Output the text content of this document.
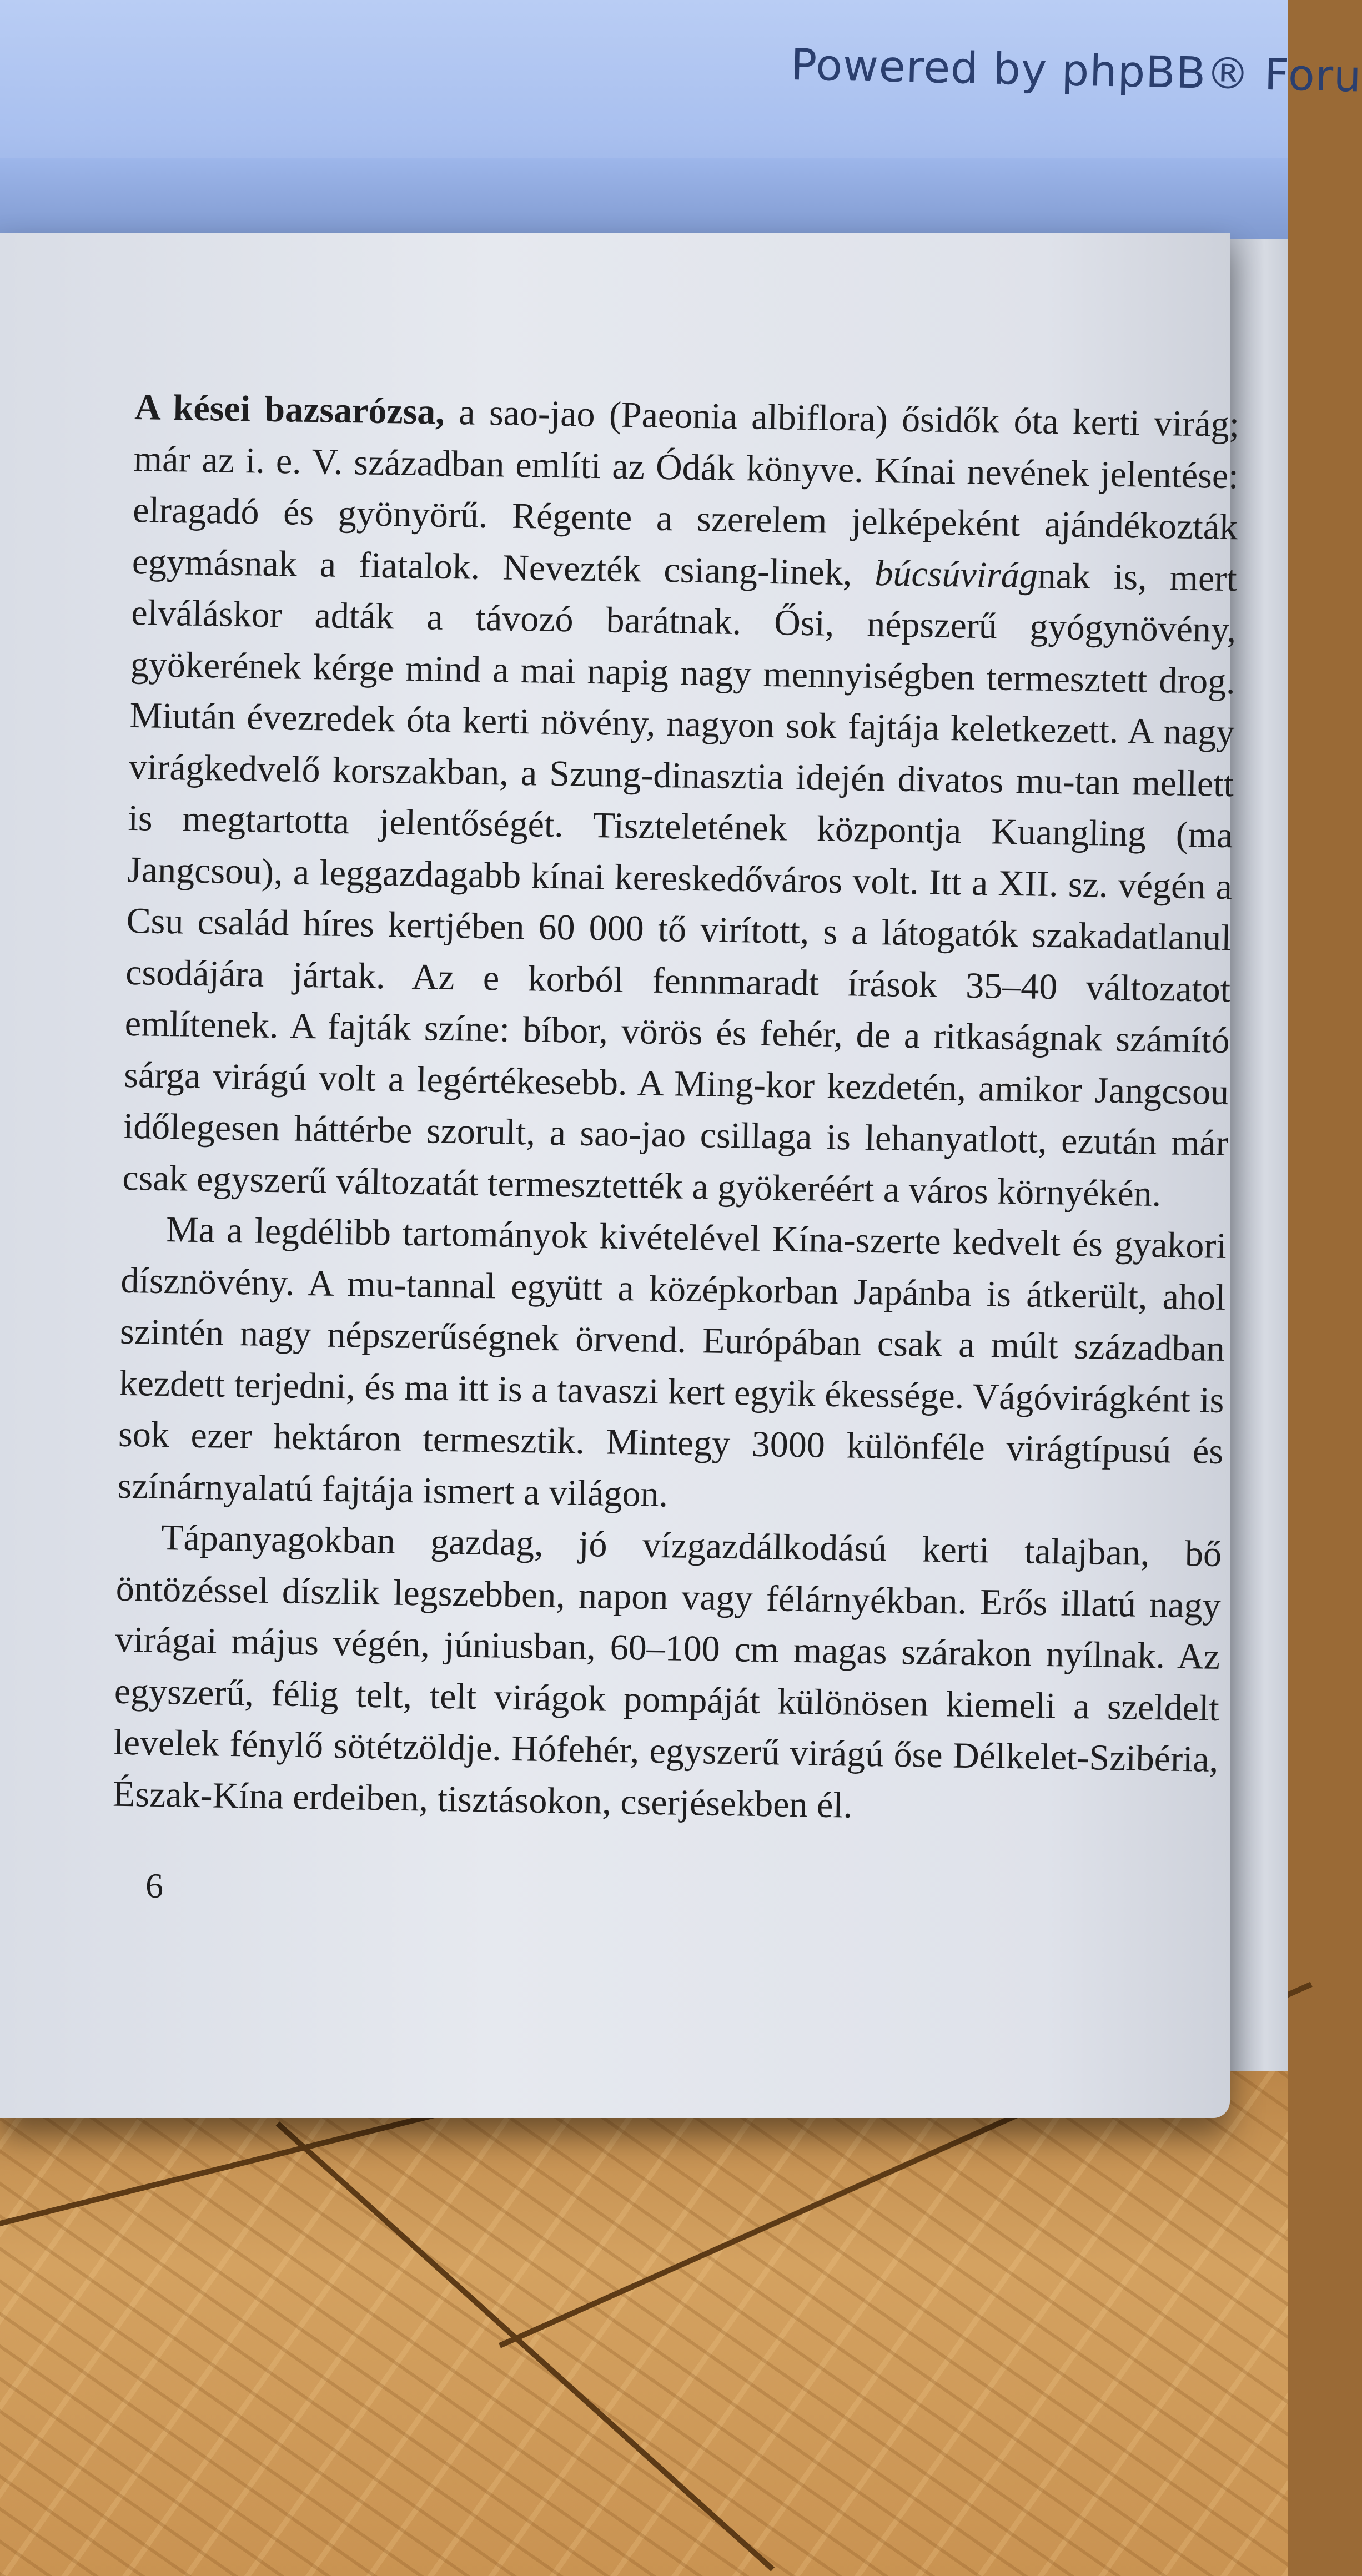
Powered by phpBB® Foru

A kései bazsarózsa, a sao-jao (Paeonia albiflora) ősidők óta kerti virág; már az i. e. V. században említi az Ódák könyve. Kínai nevének jelentése: elragadó és gyönyörű. Régente a szerelem jelképeként ajándékozták egymásnak a fiatalok. Nevezték csiang-linek, búcsúvirágnak is, mert elváláskor adták a távozó barátnak. Ősi, népszerű gyógynövény, gyökerének kérge mind a mai napig nagy mennyiségben termesztett drog. Miután évezredek óta kerti növény, nagyon sok fajtája keletkezett. A nagy virágkedvelő korszakban, a Szung-dinasztia idején divatos mu-tan mellett is megtartotta jelentőségét. Tiszteletének központja Kuangling (ma Jangcsou), a leggazdagabb kínai kereskedőváros volt. Itt a XII. sz. végén a Csu család híres kertjében 60 000 tő virított, s a látogatók szakadatlanul csodájára jártak. Az e korból fennmaradt írások 35–40 változatot említenek. A fajták színe: bíbor, vörös és fehér, de a ritkaságnak számító sárga virágú volt a legértékesebb. A Ming-kor kezdetén, amikor Jangcsou időlegesen háttérbe szorult, a sao-jao csillaga is lehanyatlott, ezután már csak egyszerű változatát termesztették a gyökeréért a város környékén.

Ma a legdélibb tartományok kivételével Kína-szerte kedvelt és gyakori dísznövény. A mu-tannal együtt a középkorban Japánba is átkerült, ahol szintén nagy népszerűségnek örvend. Európában csak a múlt században kezdett terjedni, és ma itt is a tavaszi kert egyik ékessége. Vágóvirágként is sok ezer hektáron termesztik. Mintegy 3000 különféle virágtípusú és színárnyalatú fajtája ismert a világon.

Tápanyagokban gazdag, jó vízgazdálkodású kerti talajban, bő öntözéssel díszlik legszebben, napon vagy félárnyékban. Erős illatú nagy virágai május végén, júniusban, 60–100 cm magas szárakon nyílnak. Az egyszerű, félig telt, telt virágok pompáját különösen kiemeli a szeldelt levelek fénylő sötétzöldje. Hófehér, egyszerű virágú őse Délkelet-Szibéria, Észak-Kína erdeiben, tisztásokon, cserjésekben él.

6
